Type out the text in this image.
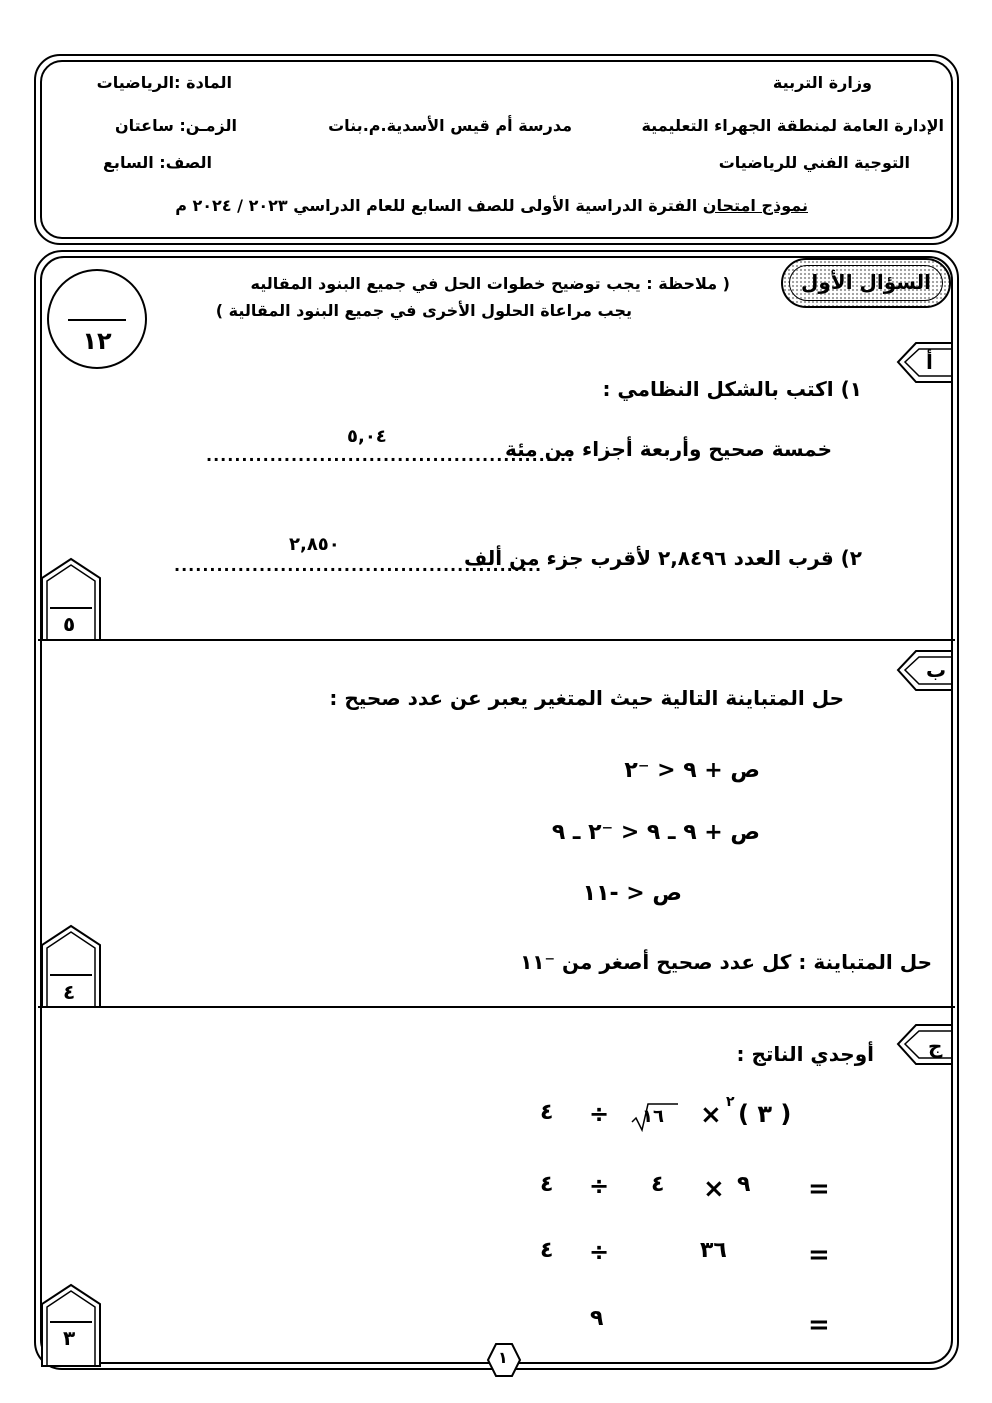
وزارة التربية
المادة :الرياضيات
الإدارة العامة لمنطقة الجهراء التعليمية
مدرسة أم قيس الأسدية.م.بنات
الزمـن: ساعتان
التوجية الفني للرياضيات
الصف: السابع
نموذج امتحان الفترة الدراسية الأولى للصف السابع للعام الدراسي ٢٠٢٣ / ٢٠٢٤ م
السؤال الأول
( ملاحظة : يجب توضيح خطوات الحل في جميع البنود المقاليه
يجب مراعاة الحلول الأخرى في جميع البنود المقالية )
١٢
أ
١) اكتب بالشكل النظامي :
٥,٠٤
خمسة صحيح وأربعة أجزاء من مئة
....................................................
٢,٨٥٠
٢) قرب العدد ٢,٨٤٩٦ لأقرب جزء من ألف
....................................................
٥
ب
حل المتباينة التالية حيث المتغير يعبر عن عدد صحيح :
ص + ٩ < ⁻٢
ص + ٩ ـ ٩ < ⁻٢ ـ ٩
ص < -١١
حل المتباينة : كل عدد صحيح أصغر من ⁻١١
٤
ج
أوجدي الناتج :
( ٣ )
٢
×
١٦
÷
٤
=
٩
×
٤
÷
٤
=
٣٦
÷
٤
=
٩
٣
١
